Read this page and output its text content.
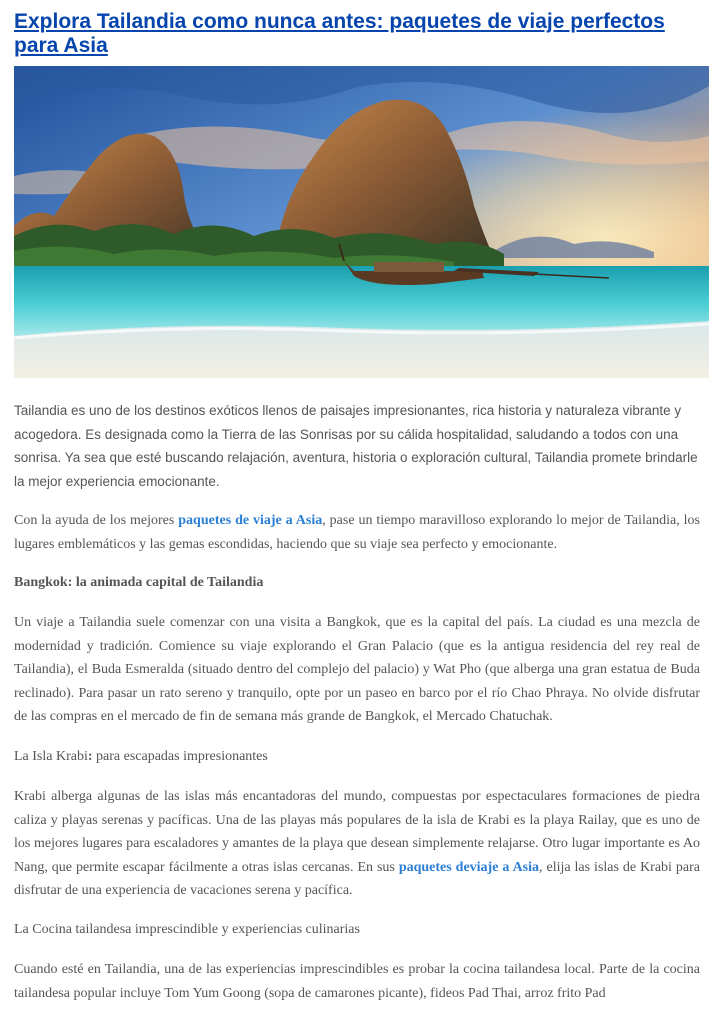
Explora Tailandia como nunca antes: paquetes de viaje perfectos para Asia

Tailandia es uno de los destinos exóticos llenos de paisajes impresionantes, rica historia y naturaleza vibrante y acogedora. Es designada como la Tierra de las Sonrisas por su cálida hospitalidad, saludando a todos con una sonrisa. Ya sea que esté buscando relajación, aventura, historia o exploración cultural, Tailandia promete brindarle la mejor experiencia emocionante.

Con la ayuda de los mejores paquetes de viaje a Asia, pase un tiempo maravilloso explorando lo mejor de Tailandia, los lugares emblemáticos y las gemas escondidas, haciendo que su viaje sea perfecto y emocionante.

Bangkok: la animada capital de Tailandia

Un viaje a Tailandia suele comenzar con una visita a Bangkok, que es la capital del país. La ciudad es una mezcla de modernidad y tradición. Comience su viaje explorando el Gran Palacio (que es la antigua residencia del rey real de Tailandia), el Buda Esmeralda (situado dentro del complejo del palacio) y Wat Pho (que alberga una gran estatua de Buda reclinado). Para pasar un rato sereno y tranquilo, opte por un paseo en barco por el río Chao Phraya. No olvide disfrutar de las compras en el mercado de fin de semana más grande de Bangkok, el Mercado Chatuchak.

La Isla Krabi: para escapadas impresionantes

Krabi alberga algunas de las islas más encantadoras del mundo, compuestas por espectaculares formaciones de piedra caliza y playas serenas y pacíficas. Una de las playas más populares de la isla de Krabi es la playa Railay, que es uno de los mejores lugares para escaladores y amantes de la playa que desean simplemente relajarse. Otro lugar importante es Ao Nang, que permite escapar fácilmente a otras islas cercanas. En sus paquetes deviaje a Asia, elija las islas de Krabi para disfrutar de una experiencia de vacaciones serena y pacífica.

La Cocina tailandesa imprescindible y experiencias culinarias

Cuando esté en Tailandia, una de las experiencias imprescindibles es probar la cocina tailandesa local. Parte de la cocina tailandesa popular incluye Tom Yum Goong (sopa de camarones picante), fideos Pad Thai, arroz frito Pad
